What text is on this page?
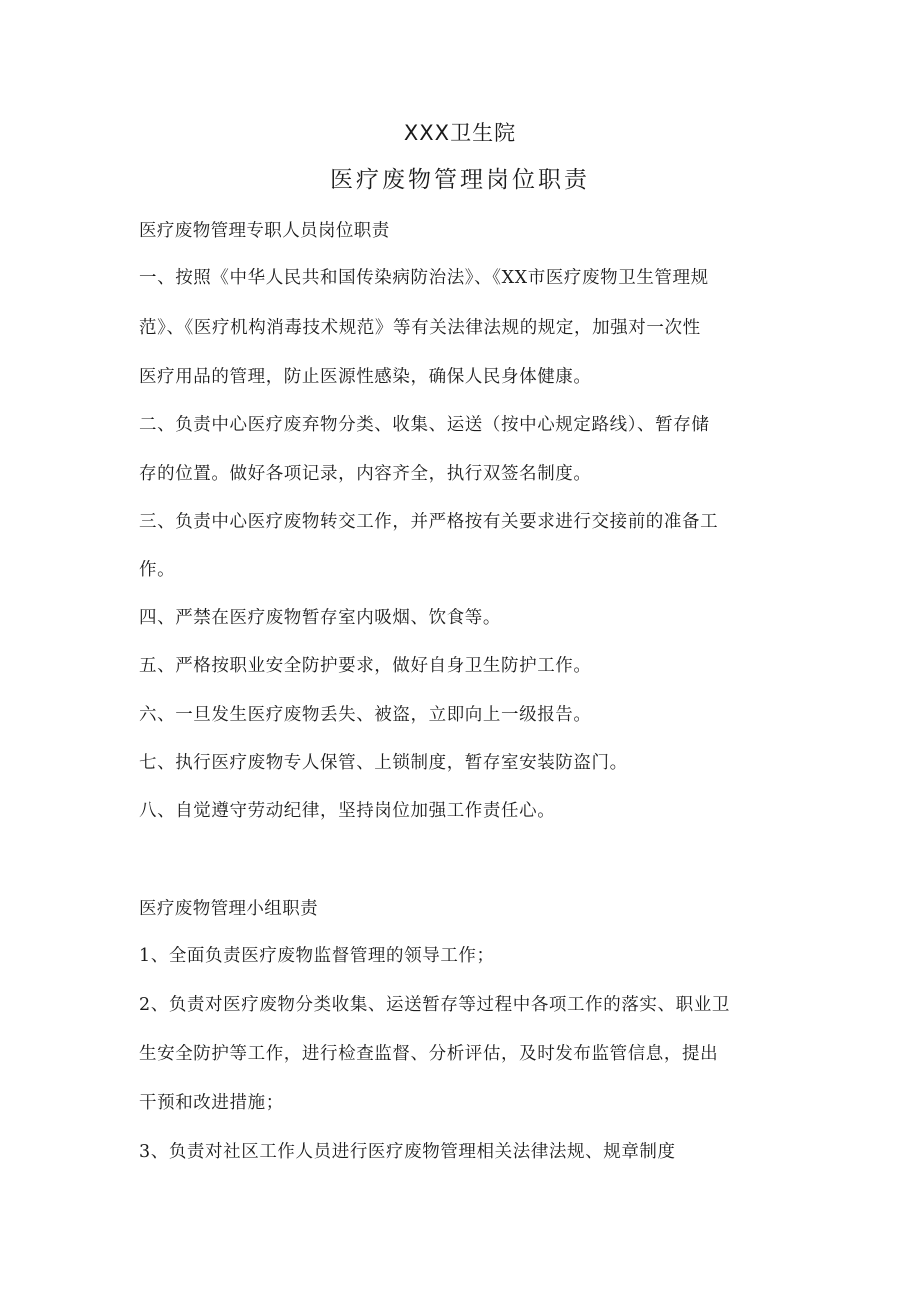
XXX卫生院
医疗废物管理岗位职责
医疗废物管理专职人员岗位职责
一、按照《中华人民共和国传染病防治法》、《XX市医疗废物卫生管理规
范》、《医疗机构消毒技术规范》等有关法律法规的规定，加强对一次性
医疗用品的管理，防止医源性感染，确保人民身体健康。
二、负责中心医疗废弃物分类、收集、运送（按中心规定路线）、暂存储
存的位置。做好各项记录，内容齐全，执行双签名制度。
三、负责中心医疗废物转交工作，并严格按有关要求进行交接前的准备工
作。
四、严禁在医疗废物暂存室内吸烟、饮食等。
五、严格按职业安全防护要求，做好自身卫生防护工作。
六、一旦发生医疗废物丢失、被盗，立即向上一级报告。
七、执行医疗废物专人保管、上锁制度，暂存室安装防盗门。
八、自觉遵守劳动纪律，坚持岗位加强工作责任心。
医疗废物管理小组职责
1、全面负责医疗废物监督管理的领导工作；
2、负责对医疗废物分类收集、运送暂存等过程中各项工作的落实、职业卫
生安全防护等工作，进行检查监督、分析评估，及时发布监管信息，提出
干预和改进措施；
3、负责对社区工作人员进行医疗废物管理相关法律法规、规章制度
